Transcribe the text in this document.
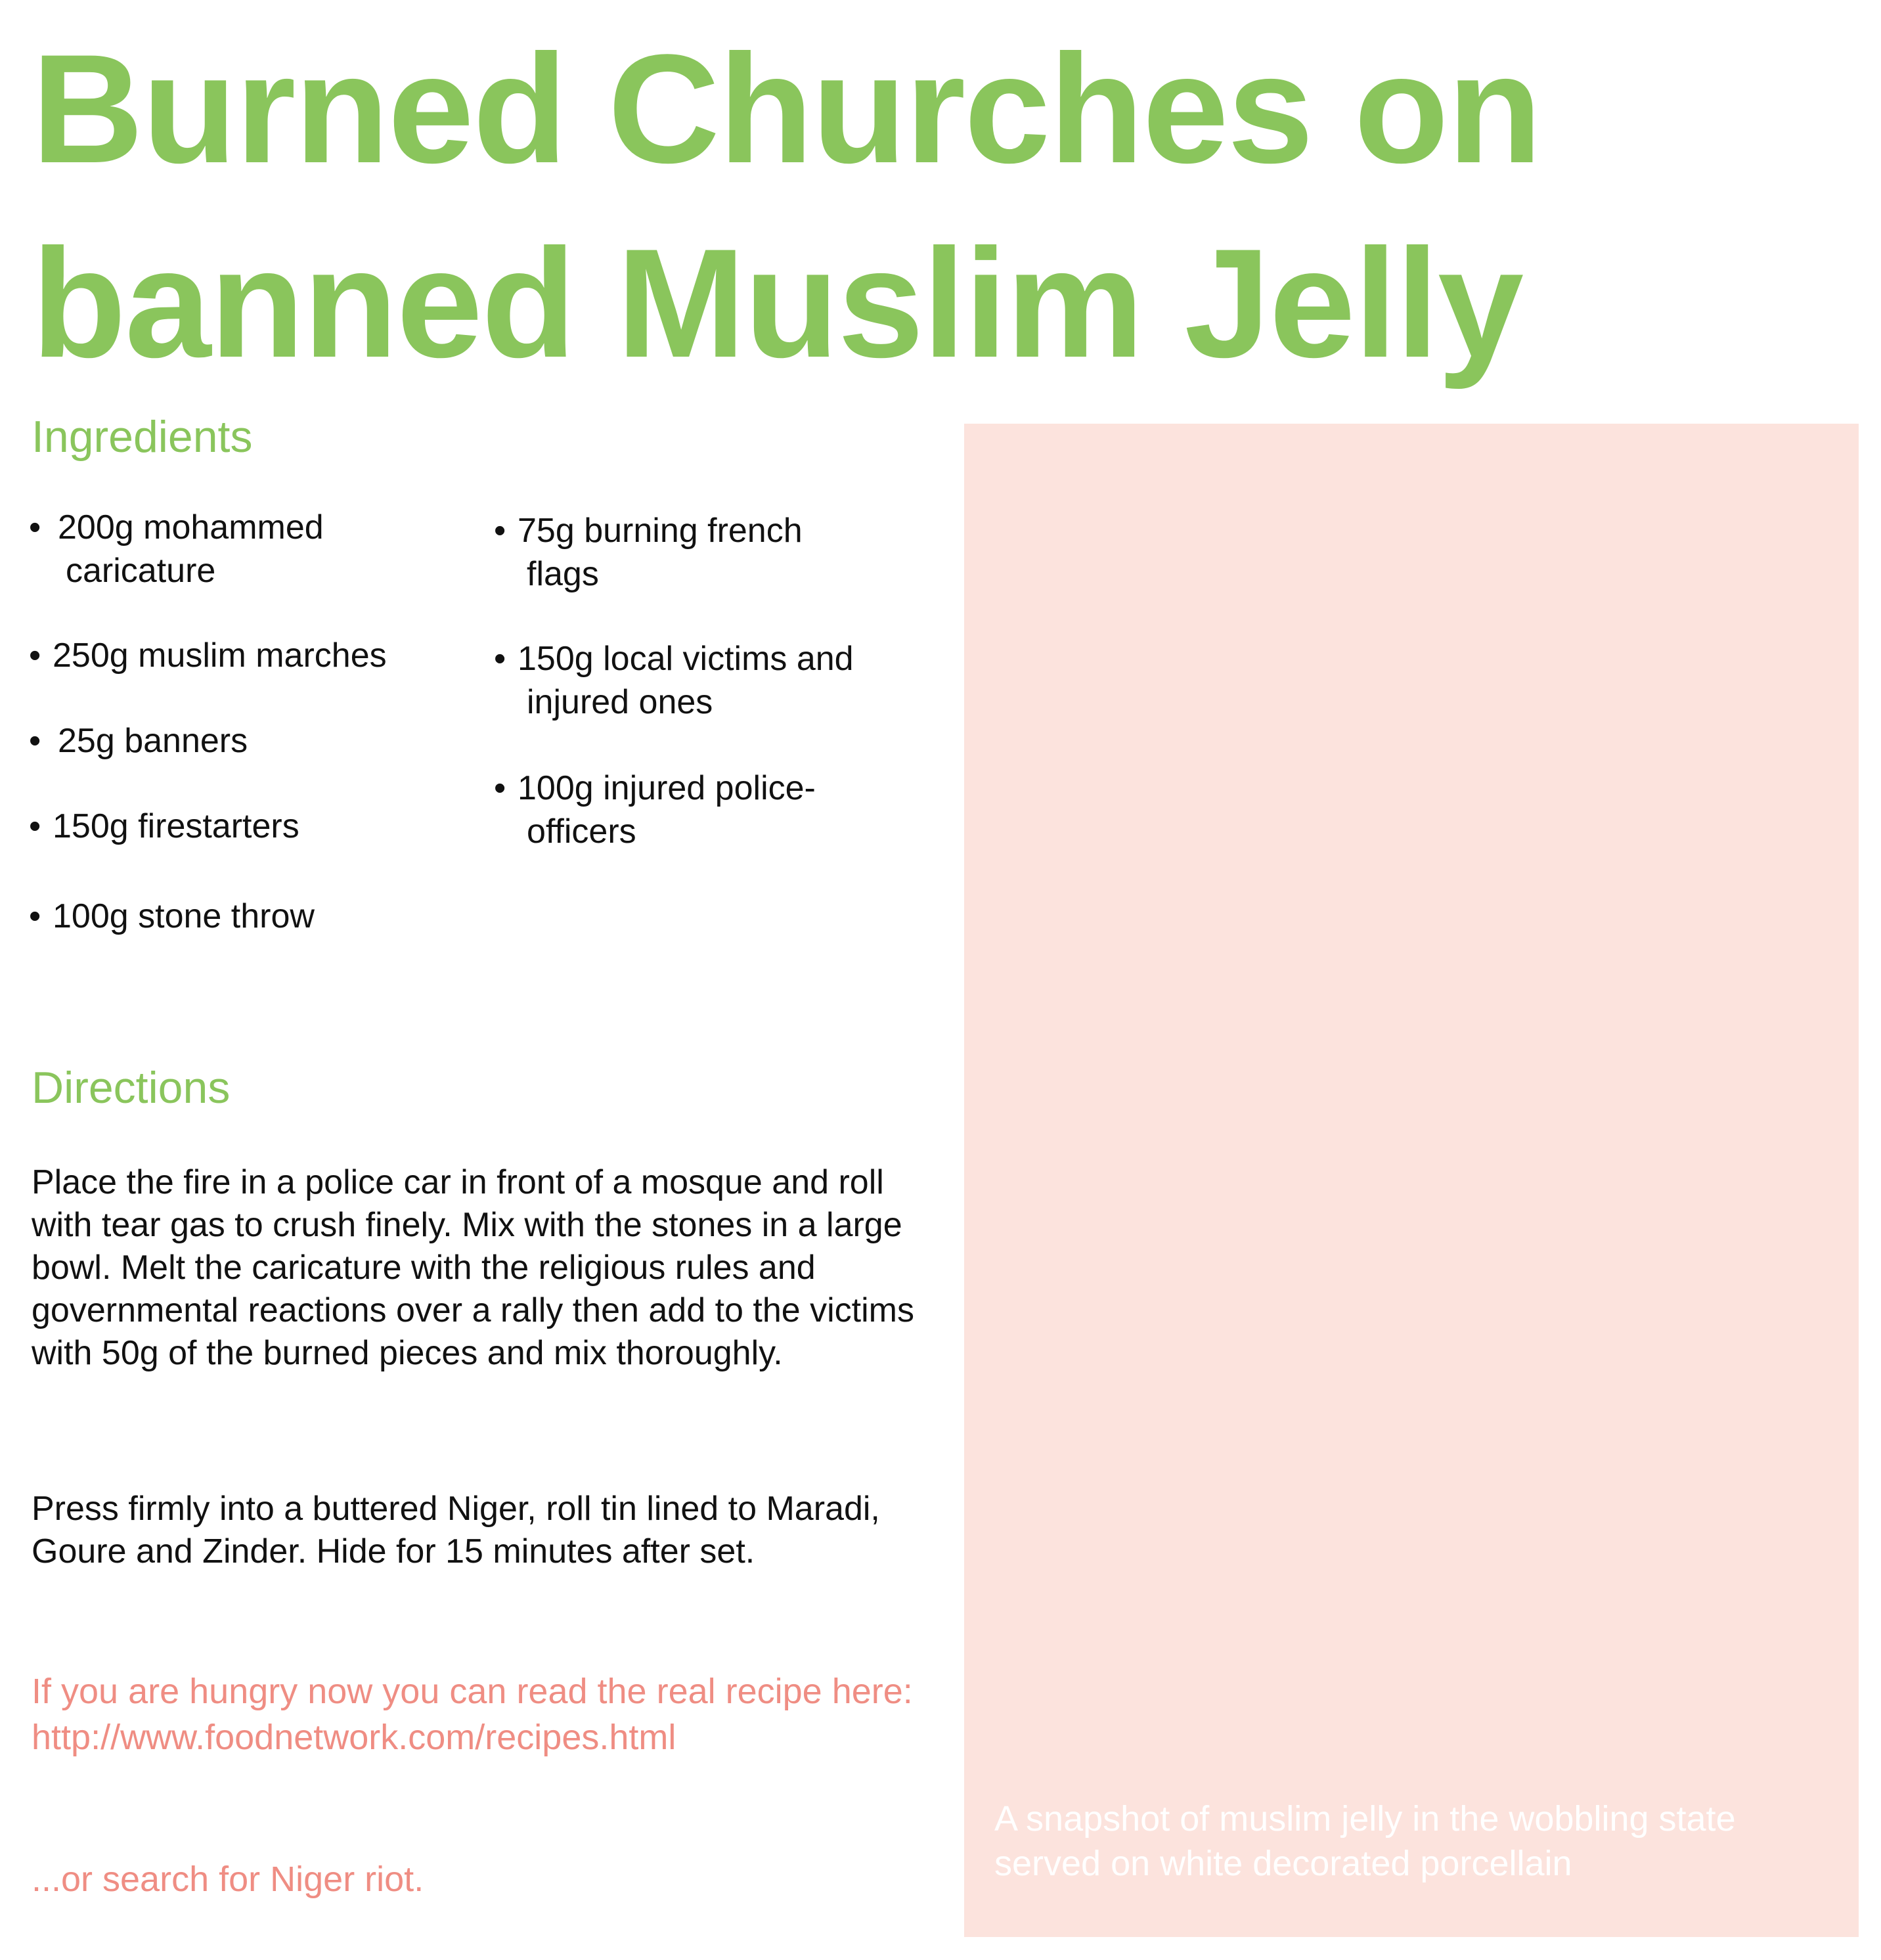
Burned Churches on
banned Muslim Jelly
Ingredients
• 200g mohammed
caricature
• 250g muslim marches
• 25g banners
• 150g firestarters
• 100g stone throw
• 75g burning french
flags
• 150g local victims and
injured ones
• 100g injured police-
officers
Directions

Place the fire in a police car in front of a mosque and roll with tear gas to crush finely. Mix with the stones in a large bowl. Melt the caricature with the religious rules and governmental reactions over a rally then add to the victims with 50g of the burned pieces and mix thoroughly.

Press firmly into a buttered Niger, roll tin lined to Maradi, Goure and Zinder. Hide for 15 minutes after set.

If you are hungry now you can read the real recipe here:
http://www.foodnetwork.com/recipes.html

...or search for Niger riot.

A snapshot of muslim jelly in the wobbling state served on white decorated porcellain
